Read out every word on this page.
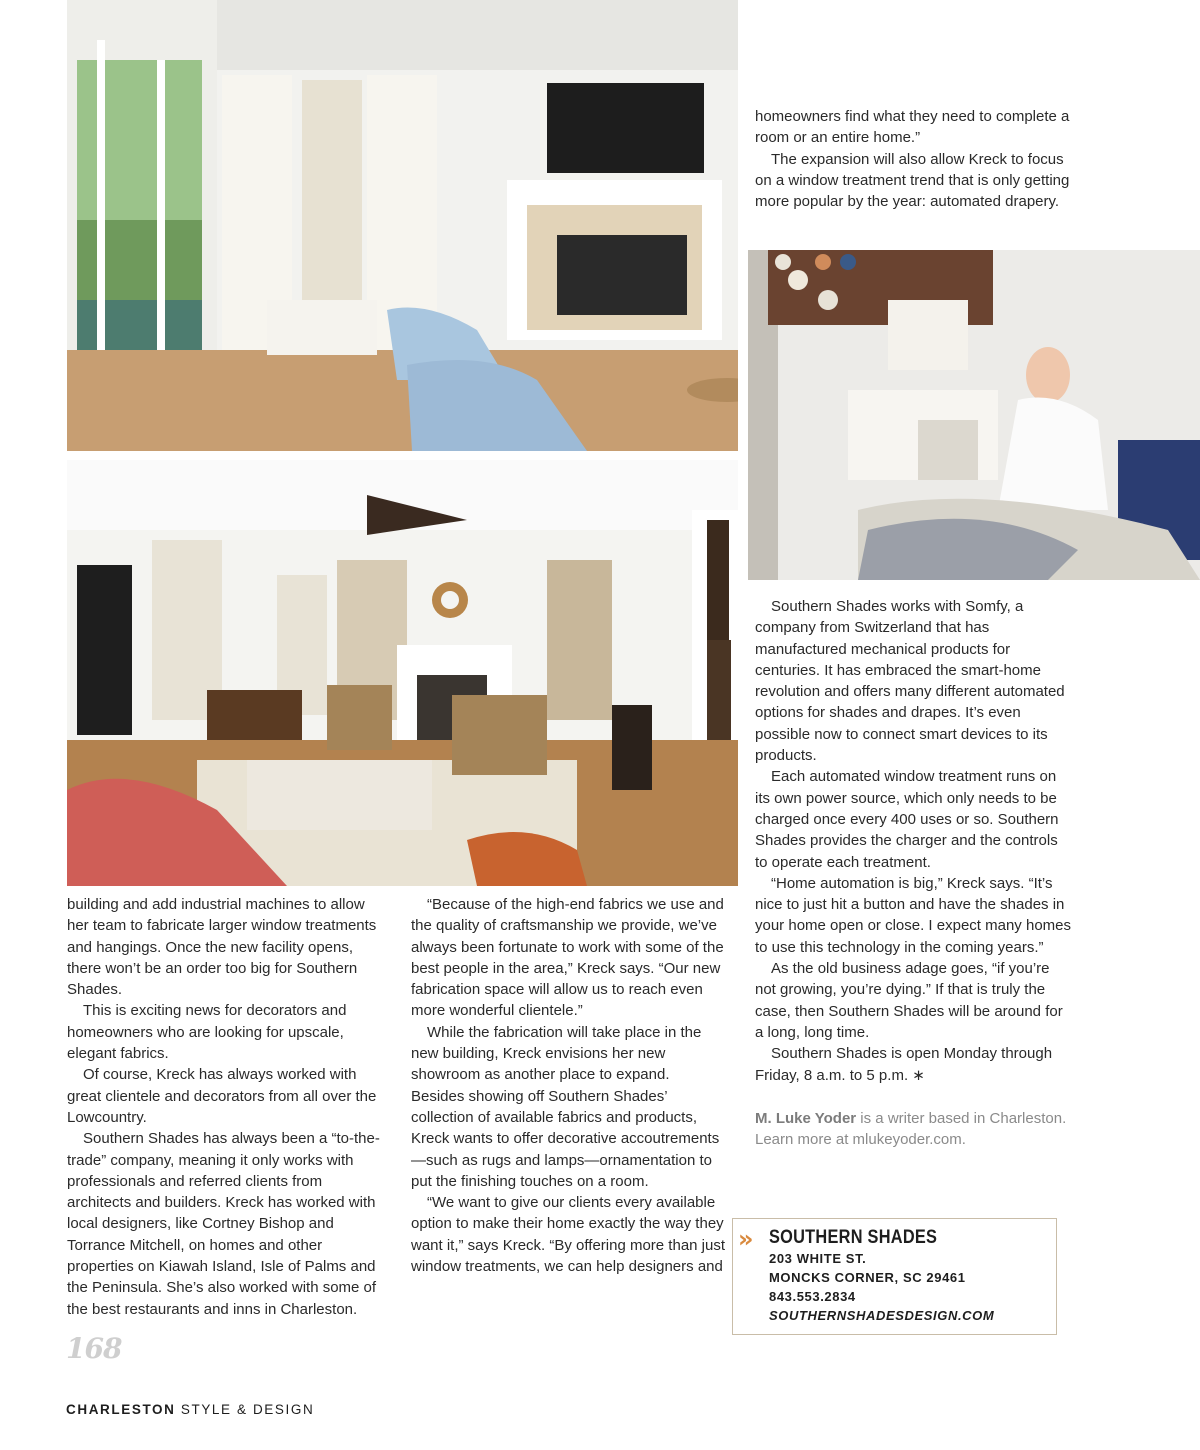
homeowners find what they need to complete a room or an entire home.”

The expansion will also allow Kreck to focus on a window treatment trend that is only getting more popular by the year: automated drapery.

Southern Shades works with Somfy, a company from Switzerland that has manufactured mechanical products for centuries. It has embraced the smart-home revolution and offers many different automated options for shades and drapes. It’s even possible now to connect smart devices to its products.

Each automated window treatment runs on its own power source, which only needs to be charged once every 400 uses or so. Southern Shades provides the charger and the controls to operate each treatment.

“Home automation is big,” Kreck says. “It’s nice to just hit a button and have the shades in your home open or close. I expect many homes to use this technology in the coming years.”

As the old business adage goes, “if you’re not growing, you’re dying.” If that is truly the case, then Southern Shades will be around for a long, long time.

Southern Shades is open Monday through Friday, 8 a.m. to 5 p.m. ∗

M. Luke Yoder is a writer based in Charleston. Learn more at mlukeyoder.com.

building and add industrial machines to allow her team to fabricate larger window treatments and hangings. Once the new facility opens, there won’t be an order too big for Southern Shades.

This is exciting news for decorators and homeowners who are looking for upscale, elegant fabrics.

Of course, Kreck has always worked with great clientele and decorators from all over the Lowcountry.

Southern Shades has always been a “to-the-trade” company, meaning it only works with professionals and referred clients from architects and builders. Kreck has worked with local designers, like Cortney Bishop and Torrance Mitchell, on homes and other properties on Kiawah Island, Isle of Palms and the Peninsula. She’s also worked with some of the best restaurants and inns in Charleston.

“Because of the high-end fabrics we use and the quality of craftsmanship we provide, we’ve always been fortunate to work with some of the best people in the area,” Kreck says. “Our new fabrication space will allow us to reach even more wonderful clientele.”

While the fabrication will take place in the new building, Kreck envisions her new showroom as another place to expand. Besides showing off Southern Shades’ collection of available fabrics and products, Kreck wants to offer decorative accoutrements—such as rugs and lamps—ornamentation to put the finishing touches on a room.

“We want to give our clients every available option to make their home exactly the way they want it,” says Kreck. “By offering more than just window treatments, we can help designers and

» SOUTHERN SHADES
203 WHITE ST.
MONCKS CORNER, SC 29461
843.553.2834
SOUTHERNSHADESDESIGN.COM
168
CHARLESTON STYLE & DESIGN
